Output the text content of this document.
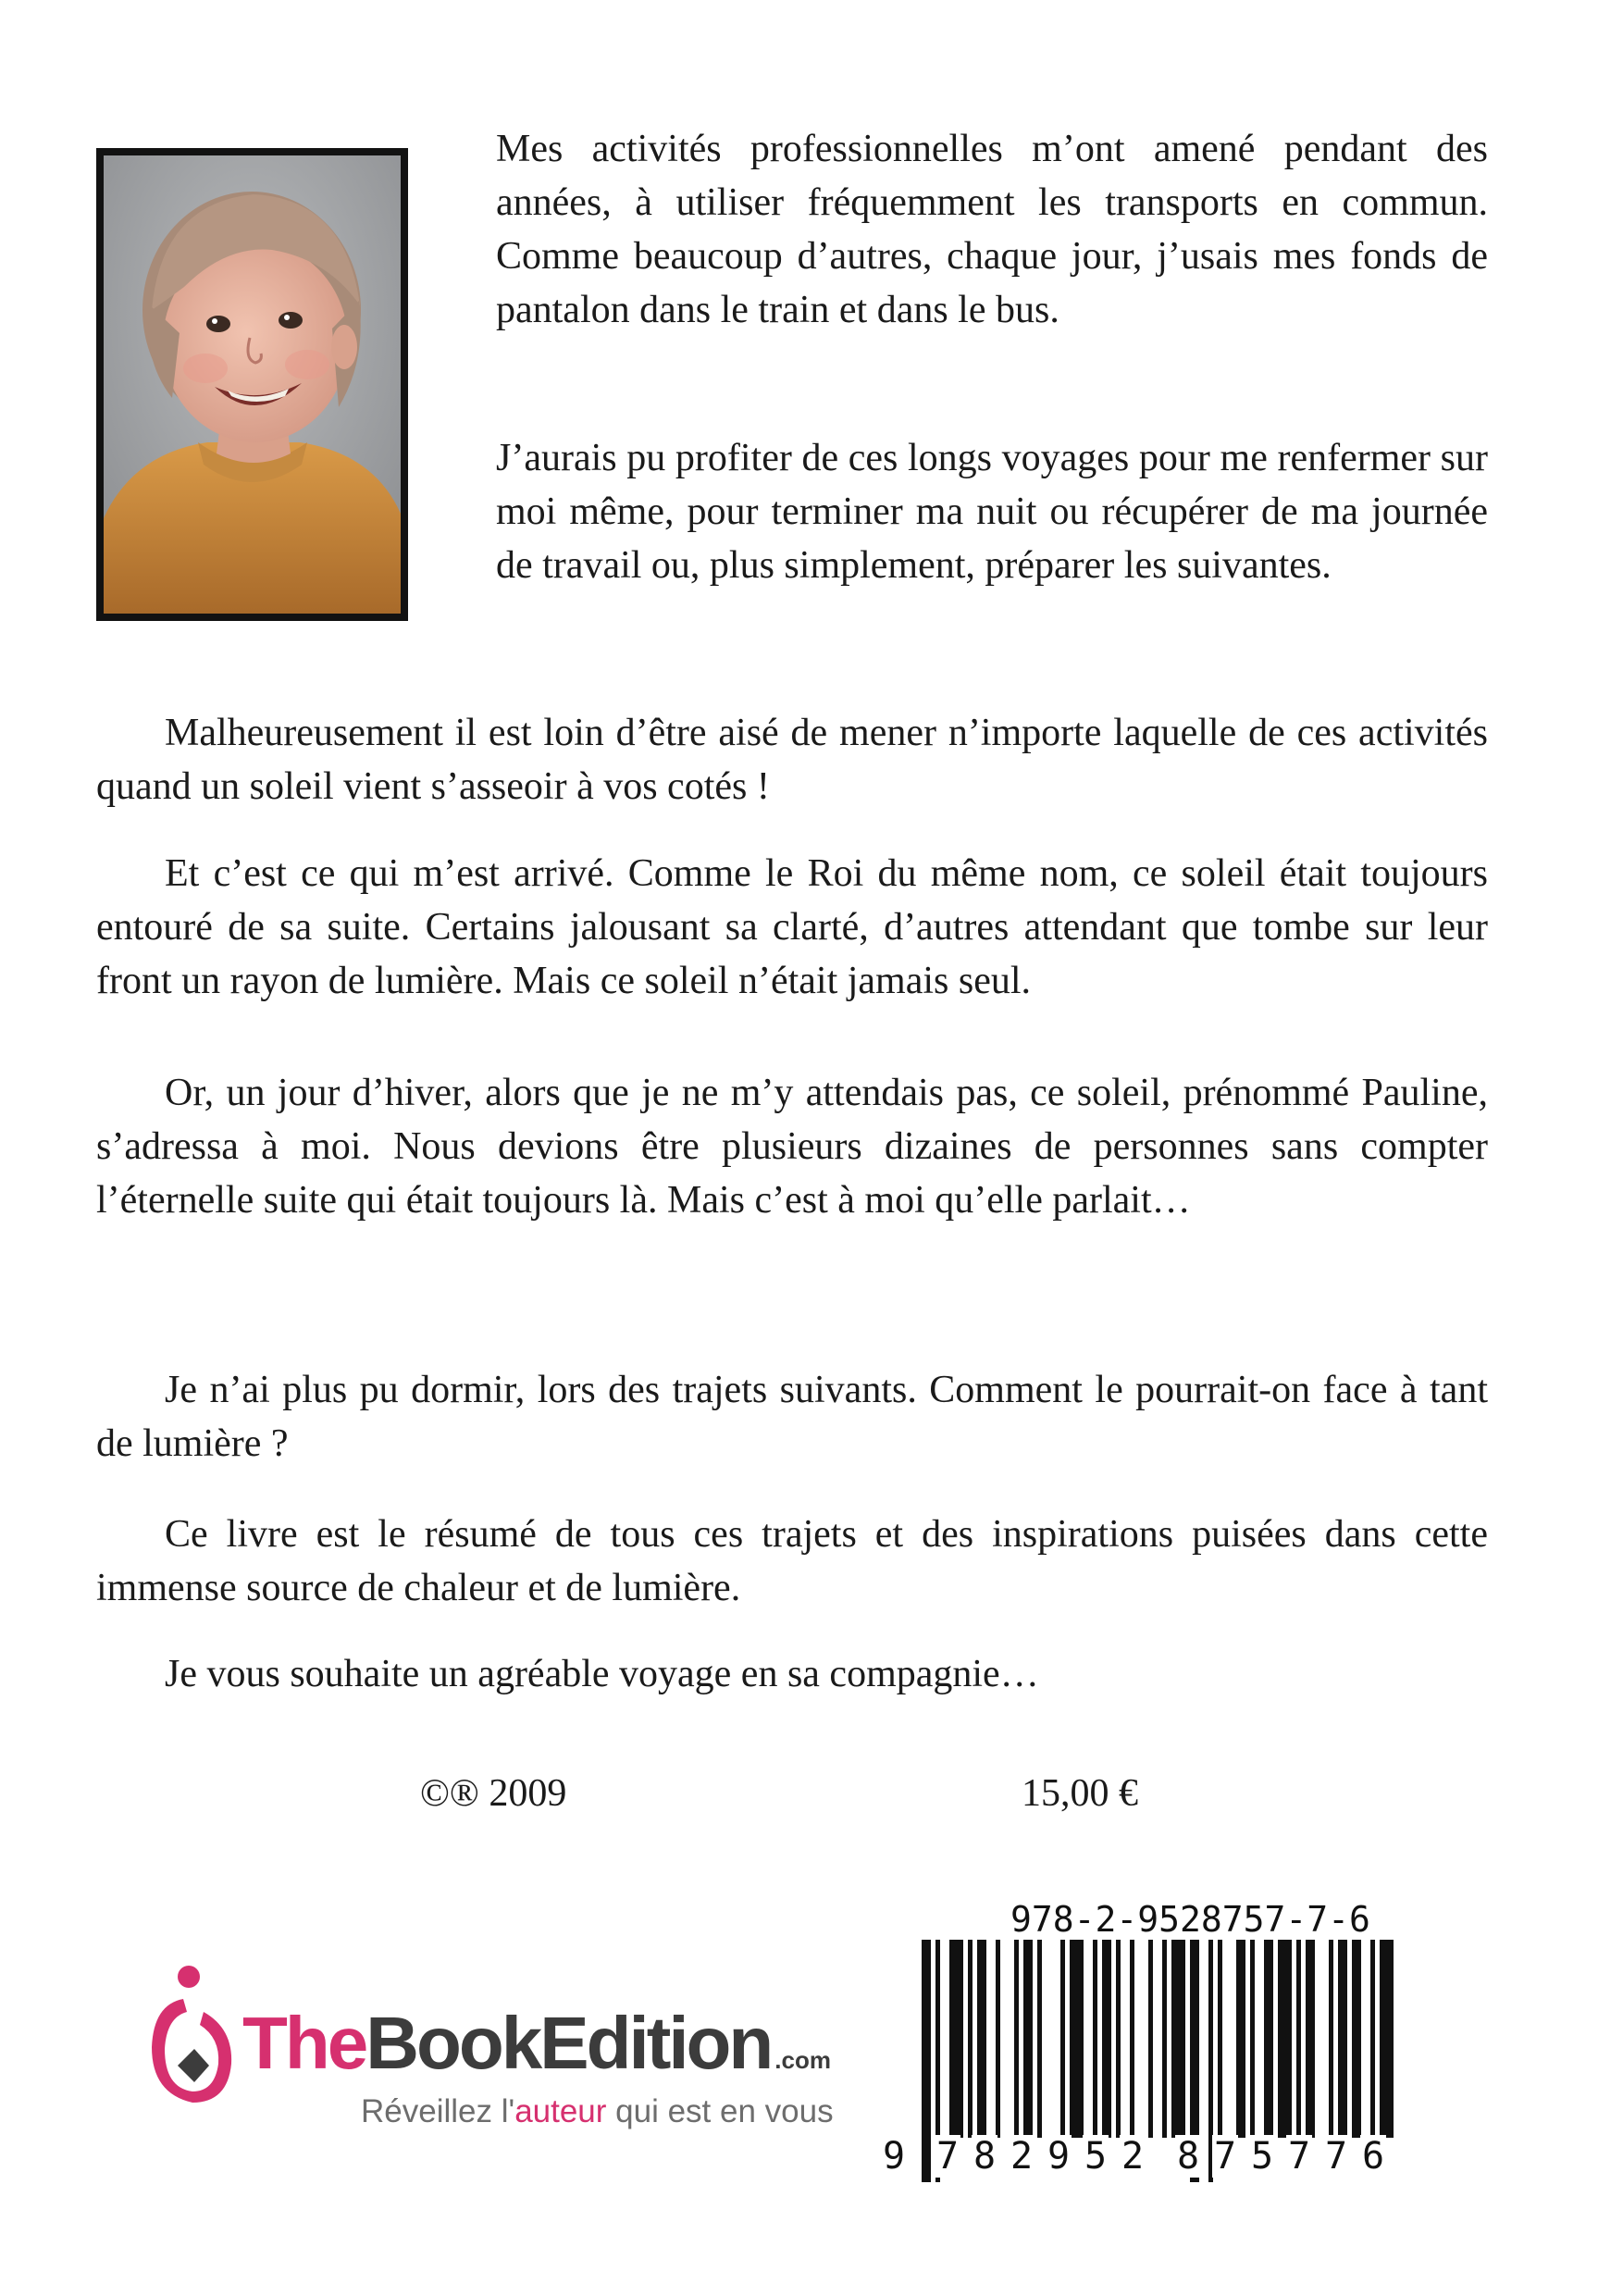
Mes activités professionnelles m’ont amené pendant des années, à utiliser fréquemment les transports en commun. Comme beaucoup d’autres, chaque jour, j’usais mes fonds de pantalon dans le train et dans le bus.

J’aurais pu profiter de ces longs voyages pour me renfermer sur moi même, pour terminer ma nuit ou récupérer de ma journée de travail ou, plus simplement, préparer les suivantes.

Malheureusement il est loin d’être aisé de mener n’importe laquelle de ces activités quand un soleil vient s’asseoir à vos cotés !

Et c’est ce qui m’est arrivé. Comme le Roi du même nom, ce soleil était toujours entouré de sa suite. Certains jalousant sa clarté, d’autres attendant que tombe sur leur front un rayon de lumière. Mais ce soleil n’était jamais seul.

Or, un jour d’hiver, alors que je ne m’y attendais pas, ce soleil, prénommé Pauline, s’adressa à moi. Nous devions être plusieurs dizaines de personnes sans compter l’éternelle suite qui était toujours là. Mais c’est à moi qu’elle parlait…

Je n’ai plus pu dormir, lors des trajets suivants. Comment le pourrait-on face à tant de lumière ?

Ce livre est le résumé de tous ces trajets et des inspirations puisées dans cette immense source de chaleur et de lumière.

Je vous souhaite un agréable voyage en sa compagnie…

©® 2009	15,00 €

TheBookEdition .com
Réveillez l'auteur qui est en vous
978-2-9528757-7-6
9 7 8 2 9 5 2 8 7 5 7 7 6
